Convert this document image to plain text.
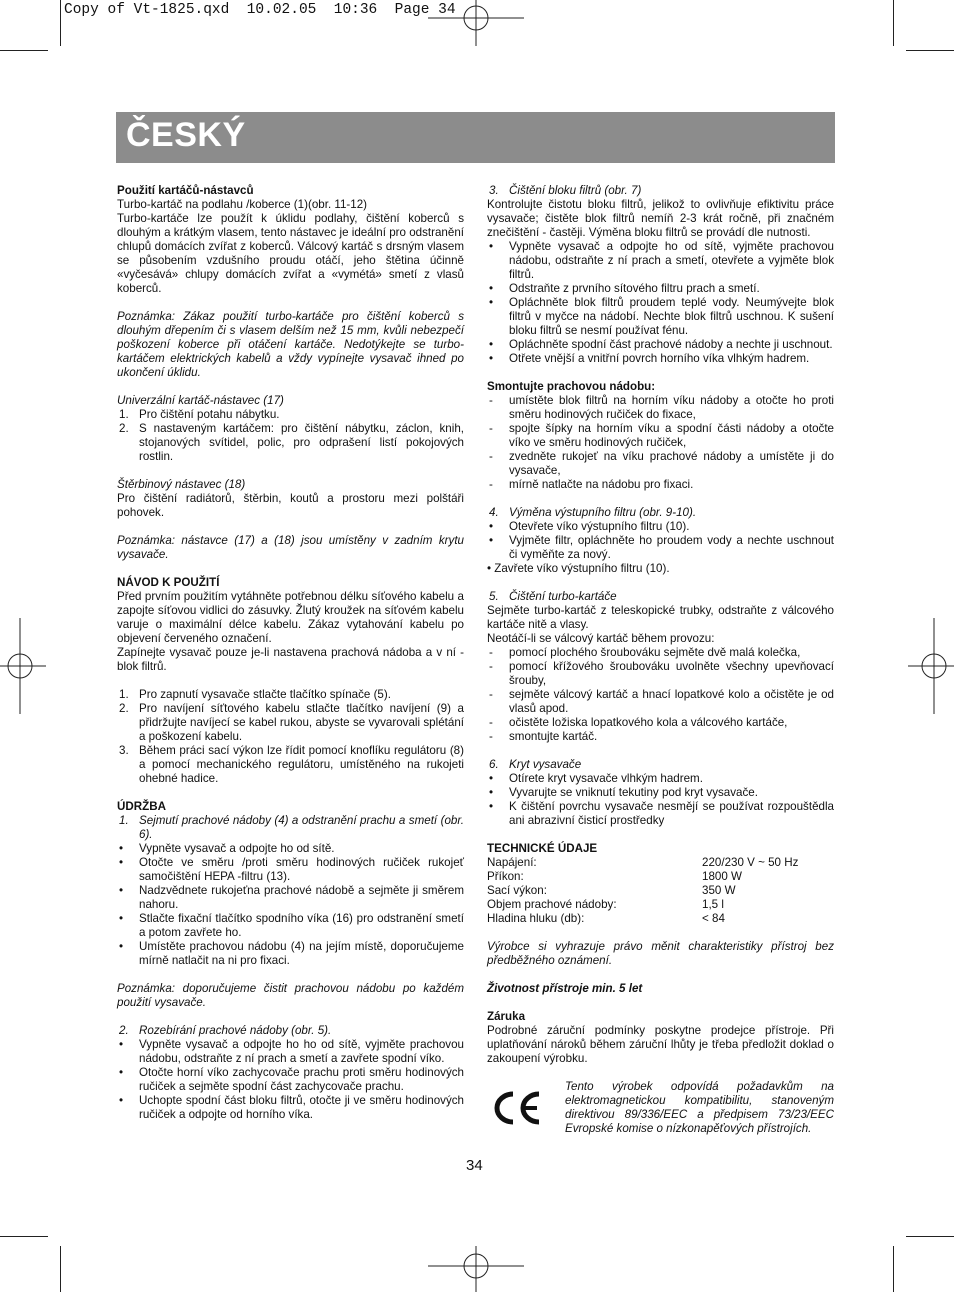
Copy of Vt-1825.qxd  10.02.05  10:36  Page 34
ČESKÝ

Použití kartáčů-nástavců

Turbo-kartáč na podlahu /koberce (1)(obr. 11-12)

Turbo-kartáče lze použít k úklidu podlahy, čištění koberců s dlouhým a krátkým vlasem, tento nástavec je ideální pro odstranění chlupů domácích zvířat z koberců. Válcový kartáč s drsným vlasem se působením vzdušního proudu otáčí, jeho štětina účinně «vyčesává» chlupy domácích zvířat a «vymétá» smetí z vlasů koberců.

Poznámka: Zákaz použití turbo-kartáče pro čištění koberců s dlouhým dřepením či s vlasem delším než 15 mm, kvůli nebezpečí poškození koberce při otáčení kartáče. Nedotýkejte se turbo-kartáčem elektrických kabelů a vždy vypínejte vysavač ihned po ukončení úklidu.

Univerzální kartáč-nástavec (17)

1. Pro čištění potahu nábytku.
2. S nastaveným kartáčem: pro čištění nábytku, záclon, knih, stojanových svítidel, polic, pro odprašení listí pokojových rostlin.

Štěrbinový nástavec (18)

Pro čištění radiátorů, štěrbin, koutů a prostoru mezi polštáři pohovek.

Poznámka: nástavce (17) a (18) jsou umístěny v zadním krytu vysavače.

NÁVOD K POUŽITÍ

Před prvním použitím vytáhněte potřebnou délku síťového kabelu a zapojte síťovou vidlici do zásuvky. Žlutý kroužek na síťovém kabelu varuje o maximální délce kabelu. Zákaz vytahování kabelu po objevení červeného označení.

Zapínejte vysavač pouze je-li nastavena prachová nádoba a v ní - blok filtrů.

1. Pro zapnutí vysavače stlačte tlačítko spínače (5).
2. Pro navíjení síťtového kabelu stlačte tlačítko navíjení (9) a přidržujte navíjecí se kabel rukou, abyste se vyvarovali splétání a poškození kabelu.
3. Během práci sací výkon lze řídit pomocí knoflíku regulátoru (8) a pomocí mechanického regulátoru, umístěného na rukojeti ohebné hadice.

ÚDRŽBA

1. Sejmutí prachové nádoby (4) a odstranění prachu a smetí (obr. 6).
• Vypněte vysavač a odpojte ho od sítě.
• Otočte ve směru /proti směru hodinových ručiček rukojeť samočištění HEPA -filtru (13).
• Nadzvědnete rukojeťna prachové nádobě a sejměte ji směrem nahoru.
• Stlačte fixační tlačítko spodního víka (16) pro odstranění smetí a potom zavřete ho.
• Umístěte prachovou nádobu (4) na jejím místě, doporučujeme mírně natlačit na ni pro fixaci.

Poznámka: doporučujeme čistit prachovou nádobu po každém použití vysavače.

2. Rozebírání prachové nádoby (obr. 5).
• Vypněte vysavač a odpojte ho ho od sítě, vyjměte prachovou nádobu, odstraňte z ní prach a smetí a zavřete spodní víko.
• Otočte horní víko zachycovače prachu proti směru hodinových ručiček a sejměte spodní část zachycovače prachu.
• Uchopte spodní část bloku filtrů, otočte ji ve směru hodinových ručiček a odpojte od horního víka.
3. Čištění bloku filtrů (obr. 7)

Kontrolujte čistotu bloku filtrů, jelikož to ovlivňuje efiktivitu práce vysavače; čistěte blok filtrů nemíň 2-3 krát ročně, při značném znečištění - častěji. Výměna bloku filtrů se provádí dle nutnosti.

• Vypněte vysavač a odpojte ho od sítě, vyjměte prachovou nádobu, odstraňte z ní prach a smetí, otevřete a vyjměte blok filtrů.
• Odstraňte z prvního sítového filtru prach a smetí.
• Opláchněte blok filtrů proudem teplé vody. Neumývejte blok filtrů v myčce na nádobí. Nechte blok filtrů uschnou. K sušení bloku filtrů se nesmí používat fénu.
• Opláchněte spodní část prachové nádoby a nechte ji uschnout.
• Otřete vnější a vnitřní povrch horního víka vlhkým hadrem.

Smontujte prachovou nádobu:

- umístěte blok filtrů na horním víku nádoby a otočte ho proti směru hodinových ručiček do fixace,
- spojte šípky na horním víku a spodní části nádoby a otočte víko ve směru hodinových ručiček,
- zvedněte rukojeť na víku prachové nádoby a umístěte ji do vysavače,
- mírně natlačte na nádobu pro fixaci.
4. Výměna výstupního filtru (obr. 9-10).
• Otevřete víko výstupního filtru (10).
• Vyjměte filtr, opláchněte ho proudem vody a nechte uschnout či vyměňte za nový.

• Zavřete víko výstupního filtru (10).

5. Čištění turbo-kartáče

Sejměte turbo-kartáč z teleskopické trubky, odstraňte z válcového kartáče nitě a vlasy.

Neotáčí-li se válcový kartáč během provozu:

- pomocí plochého šroubováku sejměte dvě malá kolečka,
- pomocí křížového šroubováku uvolněte všechny upevňovací šrouby,
- sejměte válcový kartáč a hnací lopatkové kolo a očistěte je od vlasů apod.
- očistěte ložiska lopatkového kola a válcového kartáče,
- smontujte kartáč.
6. Kryt vysavače
• Otírete kryt vysavače vlhkým hadrem.
• Vyvarujte se vniknutí tekutiny pod kryt vysavače.
• K čištění povrchu vysavače nesmějí se používat rozpouštědla ani abrazivní čisticí prostředky

TECHNICKÉ ÚDAJE

Napájení:	220/230 V ~ 50 Hz
Příkon:	1800 W
Sací výkon:	350 W
Objem prachové nádoby:	1,5 l
Hladina hluku (db):	< 84

Výrobce si vyhrazuje právo měnit charakteristiky přístroj bez předběžného oznámení.

Životnost přístroje min. 5 let

Záruka

Podrobné záruční podmínky poskytne prodejce přístroje. Při uplatňování nároků během záruční lhůty je třeba předložit doklad o zakoupení výrobku.

Tento výrobek odpovídá požadavkům na elektromagnetickou kompatibilitu, stanoveným direktivou 89/336/EEC a předpisem 73/23/EEC Evropské komise o nízkonapěťových přístrojích.

34
